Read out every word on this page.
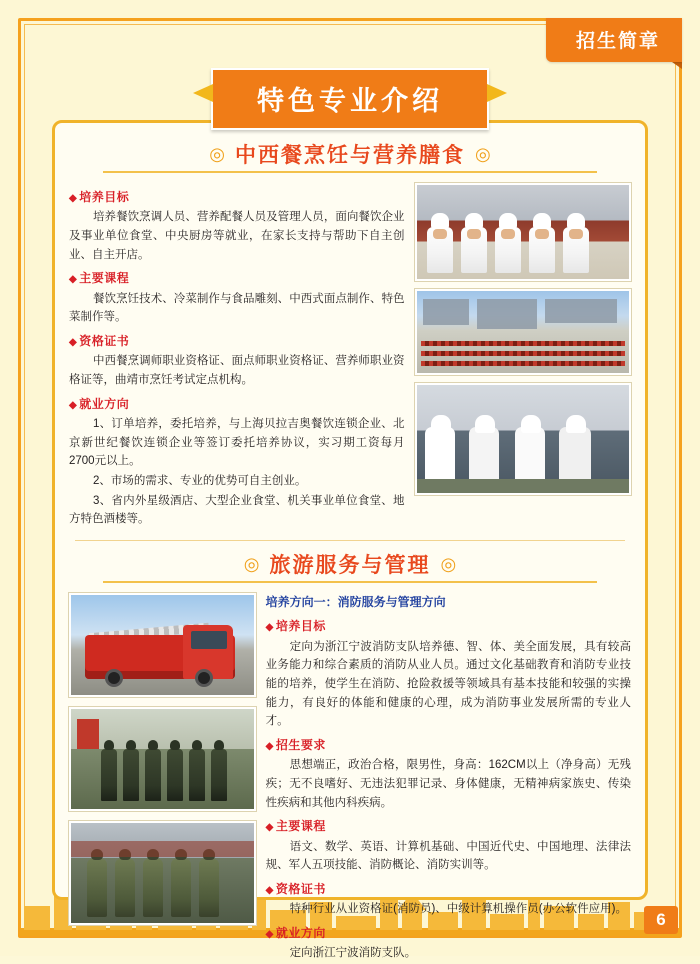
招生简章
特色专业介绍
◎ 中西餐烹饪与营养膳食 ◎
◆ 培养目标

培养餐饮烹调人员、营养配餐人员及管理人员，面向餐饮企业及事业单位食堂、中央厨房等就业，在家长支持与帮助下自主创业、自主开店。

◆ 主要课程

餐饮烹饪技术、冷菜制作与食品雕刻、中西式面点制作、特色菜制作等。

◆ 资格证书

中西餐烹调师职业资格证、面点师职业资格证、营养师职业资格证等，曲靖市烹饪考试定点机构。

◆ 就业方向

1、订单培养，委托培养，与上海贝拉吉奥餐饮连锁企业、北京新世纪餐饮连锁企业等签订委托培养协议，实习期工资每月2700元以上。

2、市场的需求、专业的优势可自主创业。

3、省内外星级酒店、大型企业食堂、机关事业单位食堂、地方特色酒楼等。

◎ 旅游服务与管理 ◎
培养方向一：消防服务与管理方向
◆ 培养目标

定向为浙江宁波消防支队培养德、智、体、美全面发展，具有较高业务能力和综合素质的消防从业人员。通过文化基础教育和消防专业技能的培养，使学生在消防、抢险救援等领域具有基本技能和较强的实操能力，有良好的体能和健康的心理，成为消防事业发展所需的专业人才。

◆ 招生要求

思想端正，政治合格，限男性，身高：162CM以上（净身高）无残疾；无不良嗜好、无违法犯罪记录、身体健康，无精神病家族史、传染性疾病和其他内科疾病。

◆ 主要课程

语文、数学、英语、计算机基础、中国近代史、中国地理、法律法规、军人五项技能、消防概论、消防实训等。

◆ 资格证书

特种行业从业资格证(消防员)、中级计算机操作员(办公软件应用)。

◆ 就业方向

定向浙江宁波消防支队。

6
